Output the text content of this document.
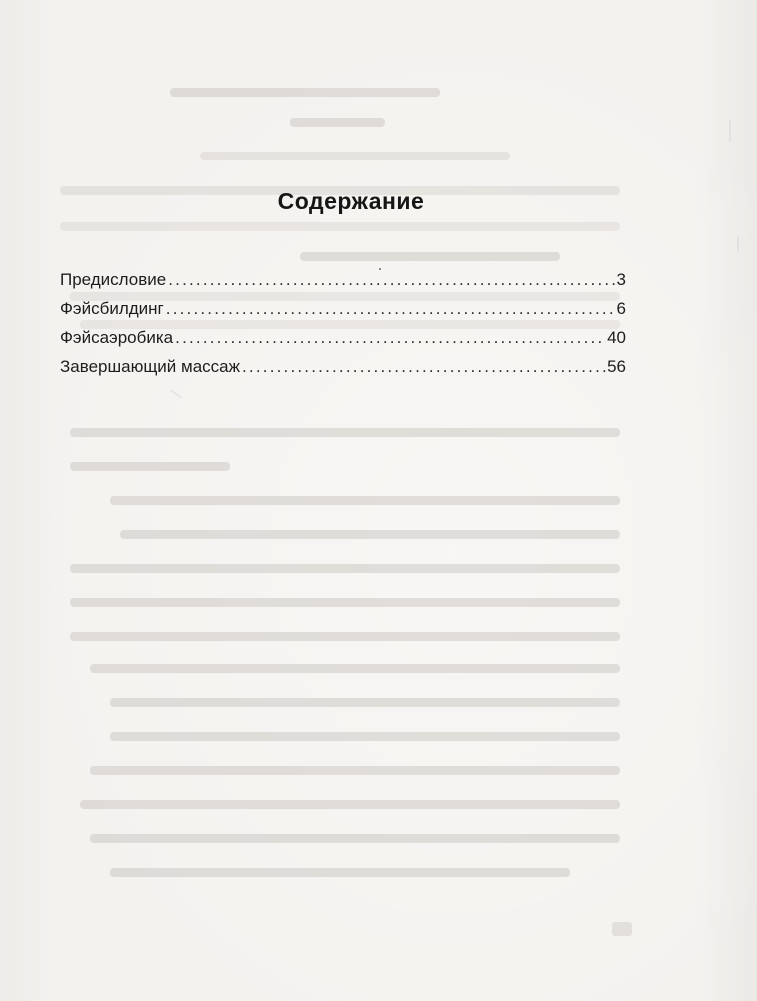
Содержание
Предисловие .....	3
Фэйсбилдинг .....	6
Фэйсаэробика .....	40
Завершающий массаж .....	56
